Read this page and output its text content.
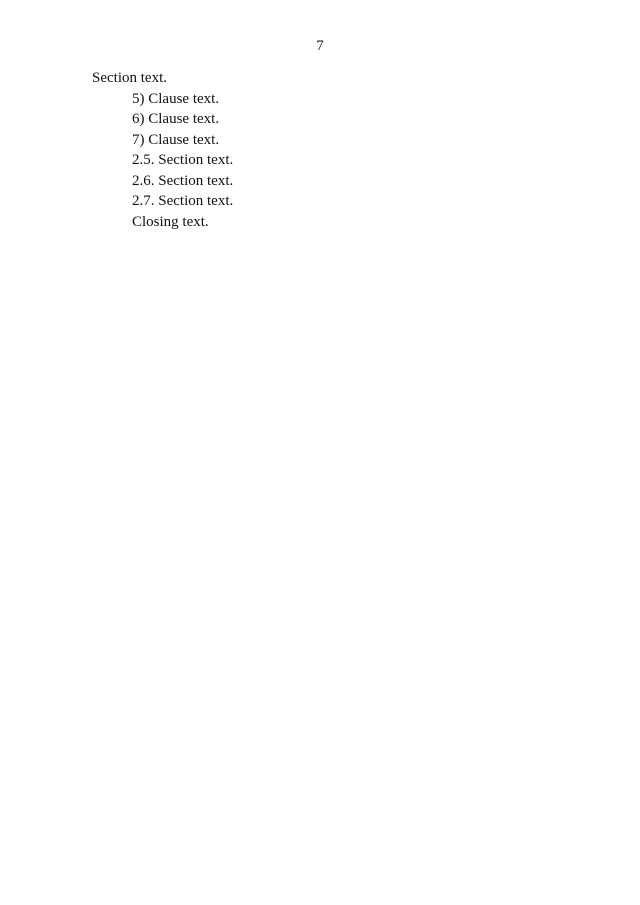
7

Section text.

5) Clause text.

6) Clause text.

7) Clause text.

2.5. Section text.

2.6. Section text.

2.7. Section text.

Closing text.
